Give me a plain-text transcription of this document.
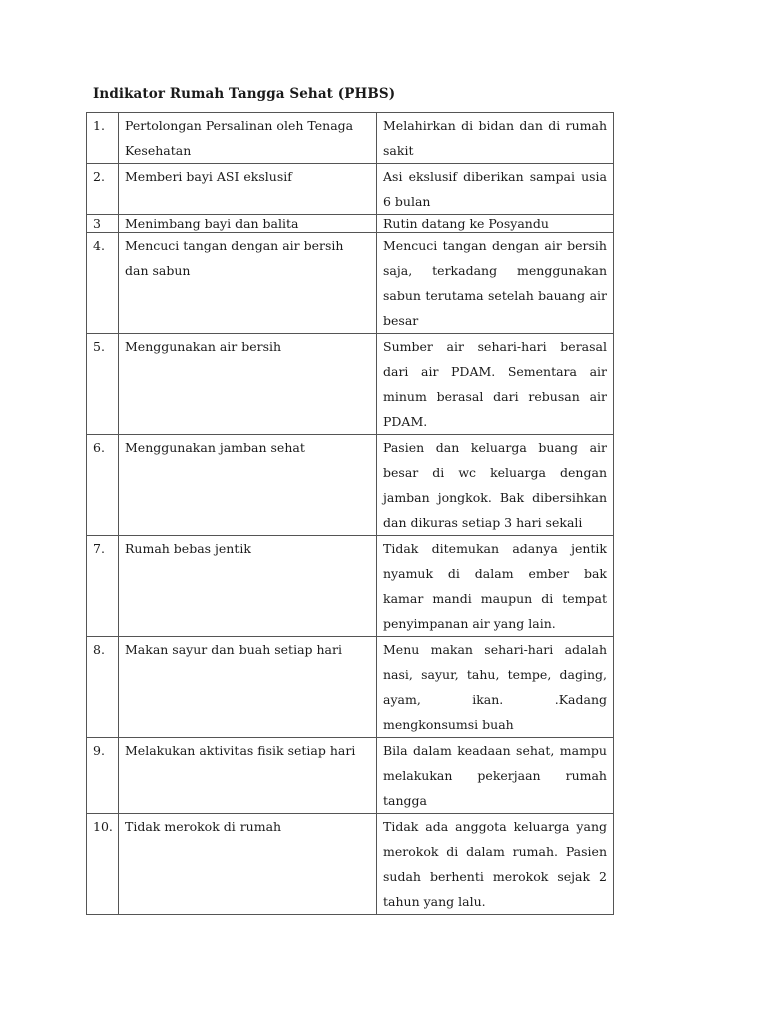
Indikator Rumah Tangga Sehat (PHBS)
1.	Pertolongan Persalinan oleh Tenaga Kesehatan	Melahirkan di bidan dan di rumah sakit
2.	Memberi bayi ASI ekslusif	Asi ekslusif diberikan sampai usia 6 bulan
3	Menimbang bayi dan balita	Rutin datang ke Posyandu
4.	Mencuci tangan dengan air bersih dan sabun	Mencuci tangan dengan air bersih saja, terkadang menggunakan sabun terutama setelah bauang air besar
5.	Menggunakan air bersih	Sumber air sehari-hari berasal dari air PDAM. Sementara air minum berasal dari rebusan air PDAM.
6.	Menggunakan jamban sehat	Pasien dan keluarga buang air besar di wc keluarga dengan jamban jongkok. Bak dibersihkan dan dikuras setiap 3 hari sekali
7.	Rumah bebas jentik	Tidak ditemukan adanya jentik nyamuk di dalam ember bak kamar mandi maupun di tempat penyimpanan air yang lain.
8.	Makan sayur dan buah setiap hari	Menu makan sehari-hari adalah nasi, sayur, tahu, tempe, daging, ayam, ikan. .Kadang mengkonsumsi buah
9.	Melakukan aktivitas fisik setiap hari	Bila dalam keadaan sehat, mampu melakukan pekerjaan rumah tangga
10.	Tidak merokok di rumah	Tidak ada anggota keluarga yang merokok di dalam rumah. Pasien sudah berhenti merokok sejak 2 tahun yang lalu.
